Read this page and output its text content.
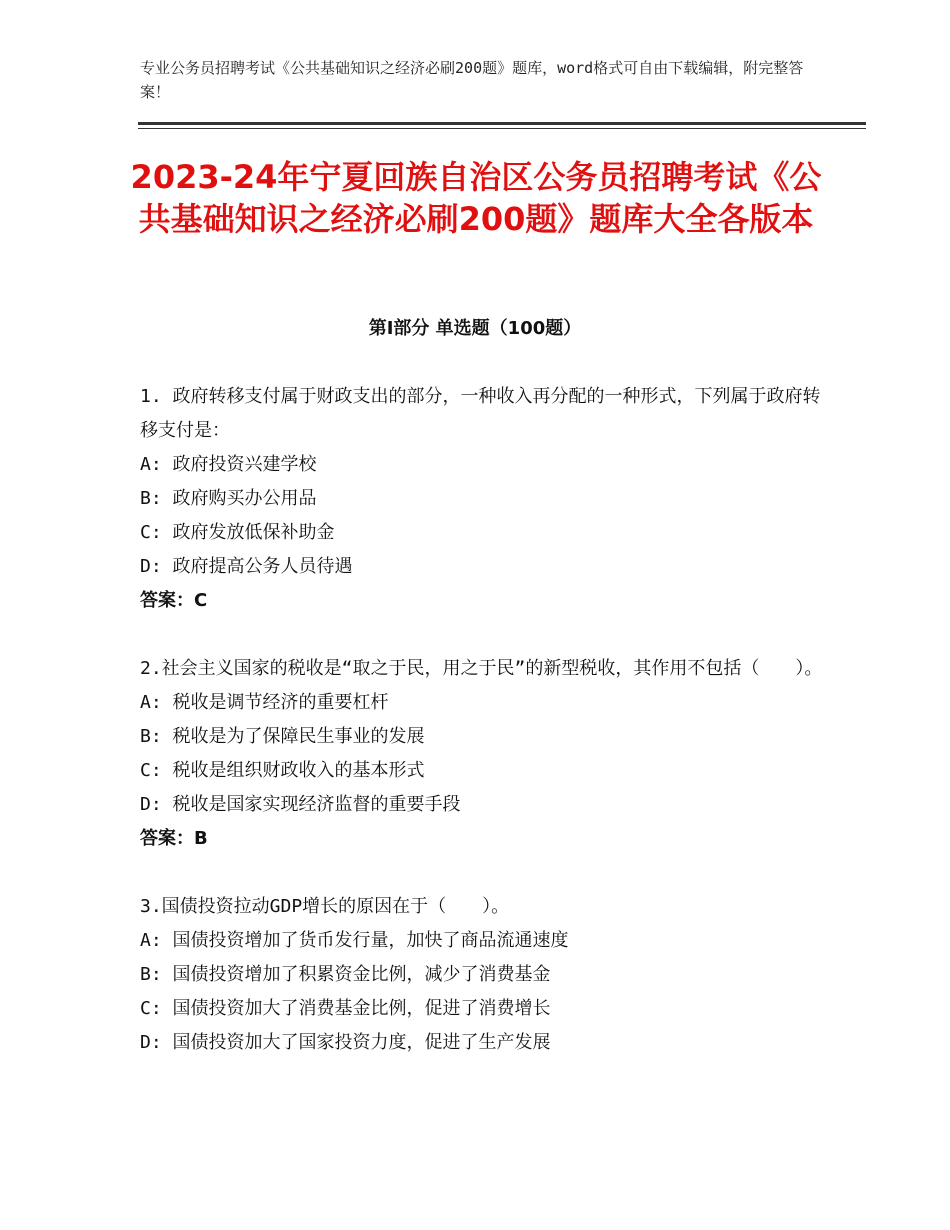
专业公务员招聘考试《公共基础知识之经济必刷200题》题库，word格式可自由下载编辑，附完整答案！
2023-24年宁夏回族自治区公务员招聘考试《公共基础知识之经济必刷200题》题库大全各版本
第Ⅰ部分 单选题（100题）
1. 政府转移支付属于财政支出的部分，一种收入再分配的一种形式，下列属于政府转移支付是：
A: 政府投资兴建学校
B: 政府购买办公用品
C: 政府发放低保补助金
D: 政府提高公务人员待遇
答案：C
2.社会主义国家的税收是“取之于民，用之于民”的新型税收，其作用不包括（　　）。
A: 税收是调节经济的重要杠杆
B: 税收是为了保障民生事业的发展
C: 税收是组织财政收入的基本形式
D: 税收是国家实现经济监督的重要手段
答案：B
3.国债投资拉动GDP增长的原因在于（　　）。
A: 国债投资增加了货币发行量，加快了商品流通速度
B: 国债投资增加了积累资金比例，减少了消费基金
C: 国债投资加大了消费基金比例，促进了消费增长
D: 国债投资加大了国家投资力度，促进了生产发展
